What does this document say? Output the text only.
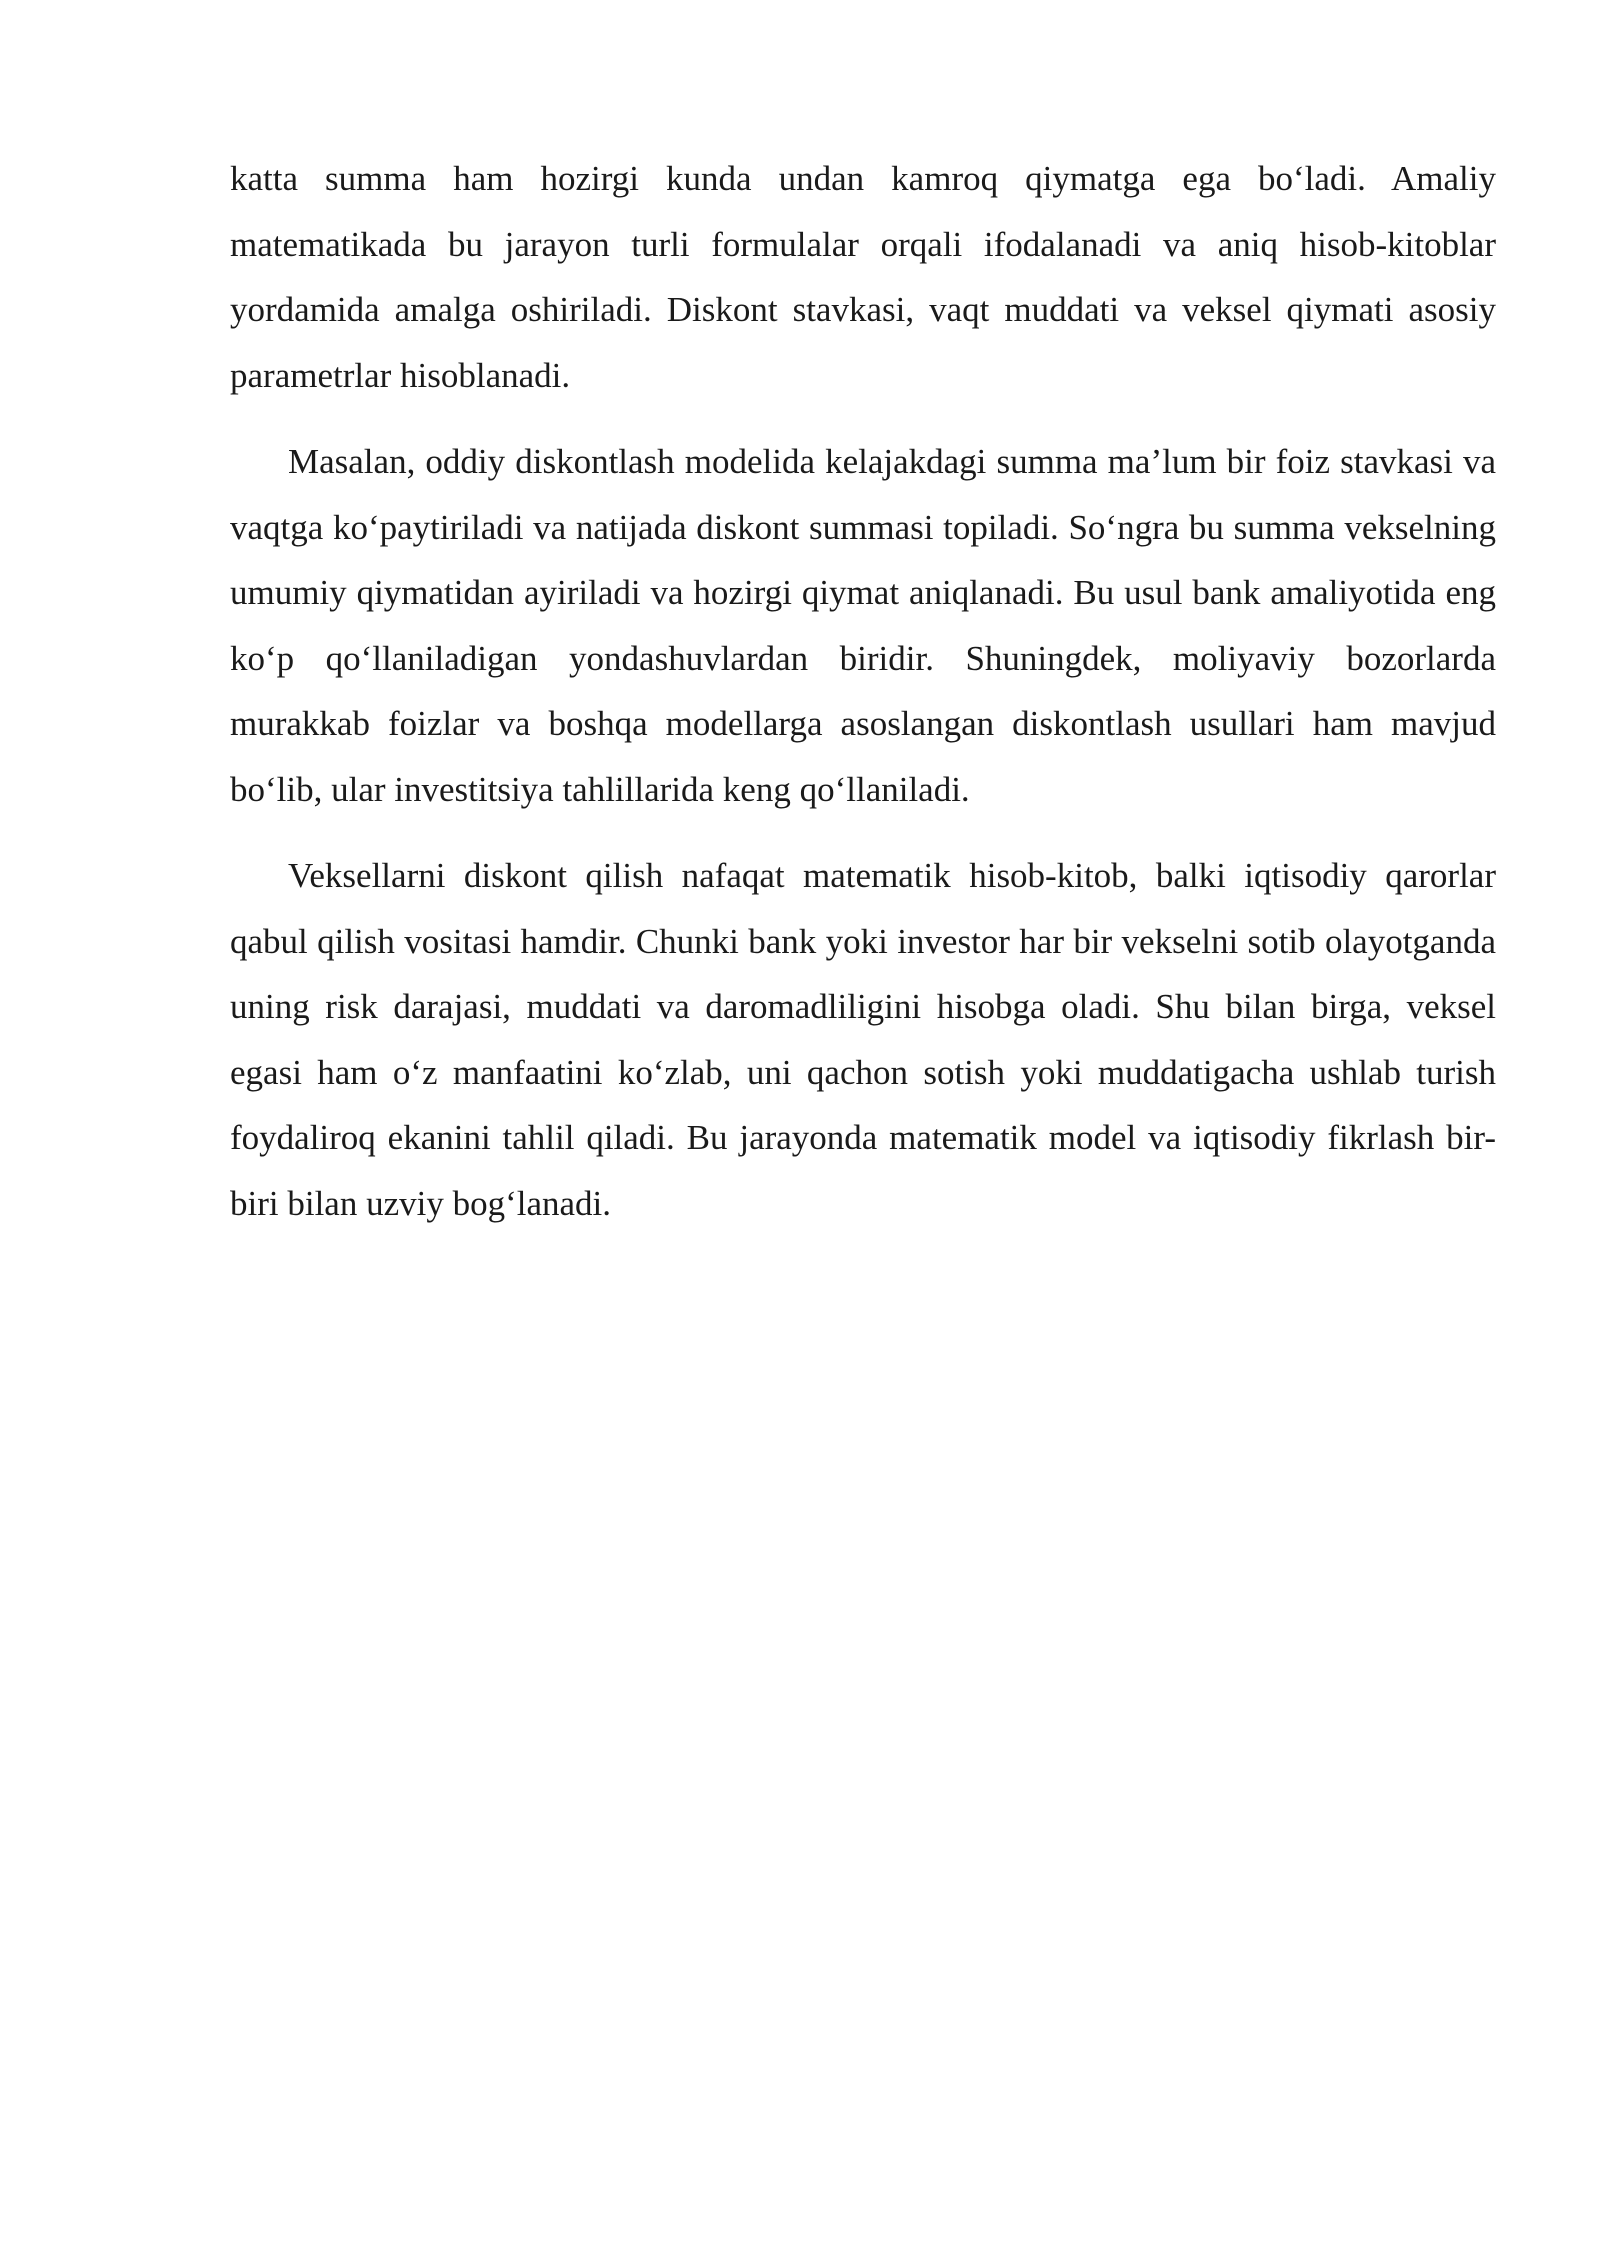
katta summa ham hozirgi kunda undan kamroq qiymatga ega bo‘ladi. Amaliy matematikada bu jarayon turli formulalar orqali ifodalanadi va aniq hisob-kitoblar yordamida amalga oshiriladi. Diskont stavkasi, vaqt muddati va veksel qiymati asosiy parametrlar hisoblanadi.

Masalan, oddiy diskontlash modelida kelajakdagi summa ma’lum bir foiz stavkasi va vaqtga ko‘paytiriladi va natijada diskont summasi topiladi. So‘ngra bu summa vekselning umumiy qiymatidan ayiriladi va hozirgi qiymat aniqlanadi. Bu usul bank amaliyotida eng ko‘p qo‘llaniladigan yondashuvlardan biridir. Shuningdek, moliyaviy bozorlarda murakkab foizlar va boshqa modellarga asoslangan diskontlash usullari ham mavjud bo‘lib, ular investitsiya tahlillarida keng qo‘llaniladi.

Veksellarni diskont qilish nafaqat matematik hisob-kitob, balki iqtisodiy qarorlar qabul qilish vositasi hamdir. Chunki bank yoki investor har bir vekselni sotib olayotganda uning risk darajasi, muddati va daromadliligini hisobga oladi. Shu bilan birga, veksel egasi ham o‘z manfaatini ko‘zlab, uni qachon sotish yoki muddatigacha ushlab turish foydaliroq ekanini tahlil qiladi. Bu jarayonda matematik model va iqtisodiy fikrlash bir-biri bilan uzviy bog‘lanadi.
